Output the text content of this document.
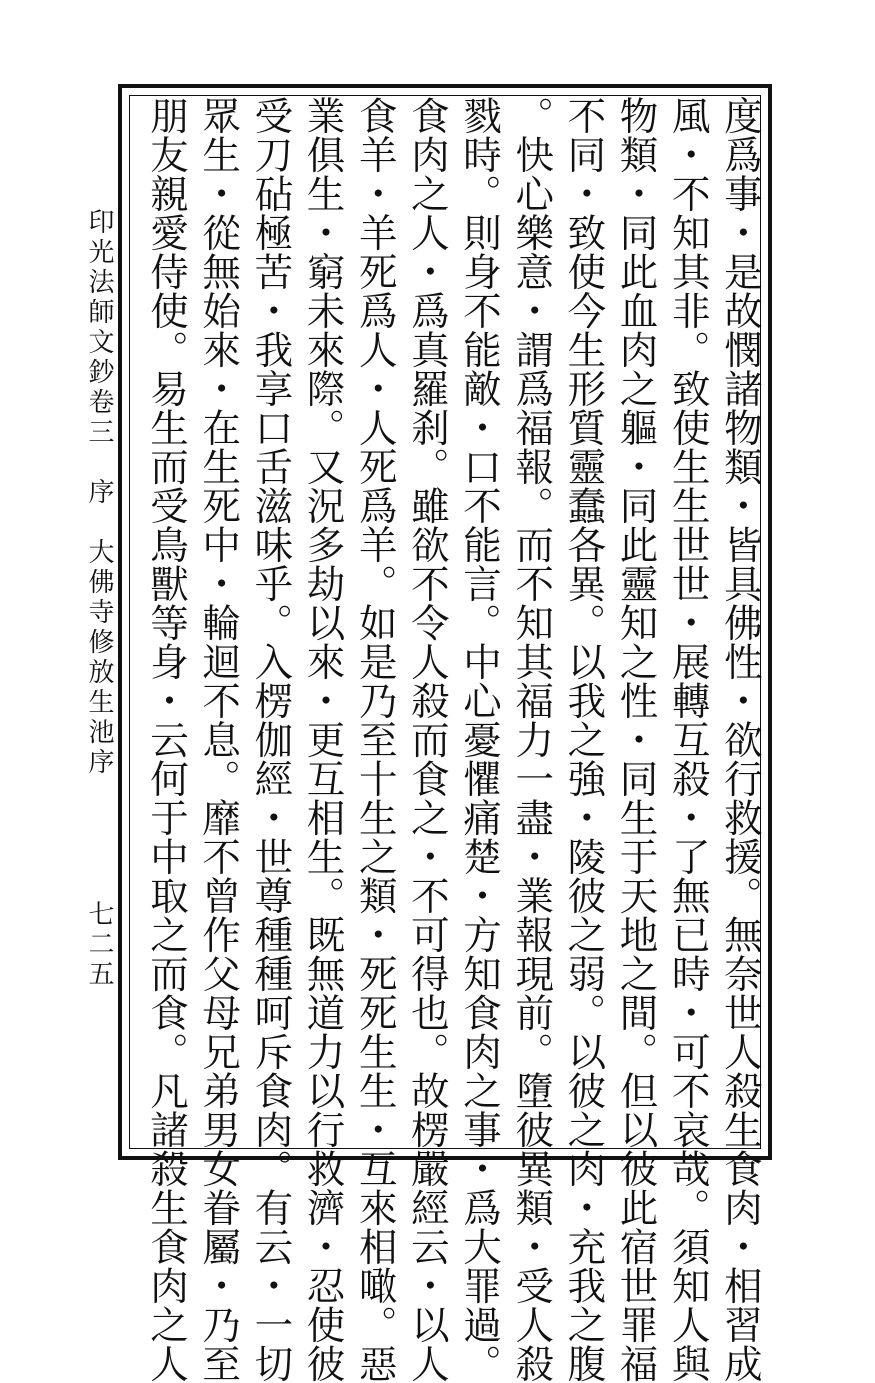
印光法師文鈔卷三序大佛寺修放生池序
七二五	度爲事・是故憫諸物類・皆具佛性・欲行救援。無奈世人殺生食肉・相習成
風・不知其非。致使生生世世・展轉互殺・了無已時・可不哀哉。須知人與
物類・同此血肉之軀・同此靈知之性・同生于天地之間。但以彼此宿世罪福
不同・致使今生形質靈蠢各異。以我之強・陵彼之弱。以彼之肉・充我之腹
。快心樂意・謂爲福報。而不知其福力一盡・業報現前。墮彼異類・受人殺
戮時。則身不能敵・口不能言。中心憂懼痛楚・方知食肉之事・爲大罪過。
食肉之人・爲真羅刹。雖欲不令人殺而食之・不可得也。故楞嚴經云・以人
食羊・羊死爲人・人死爲羊。如是乃至十生之類・死死生生・互來相噉。惡
業俱生・窮未來際。又況多劫以來・更互相生。既無道力以行救濟・忍使彼
受刀砧極苦・我享口舌滋味乎。入楞伽經・世尊種種呵斥食肉。有云・一切
眾生・從無始來・在生死中・輪迴不息。靡不曾作父母兄弟男女眷屬・乃至
朋友親愛侍使。易生而受鳥獸等身・云何于中取之而食。凡諸殺生食肉之人
